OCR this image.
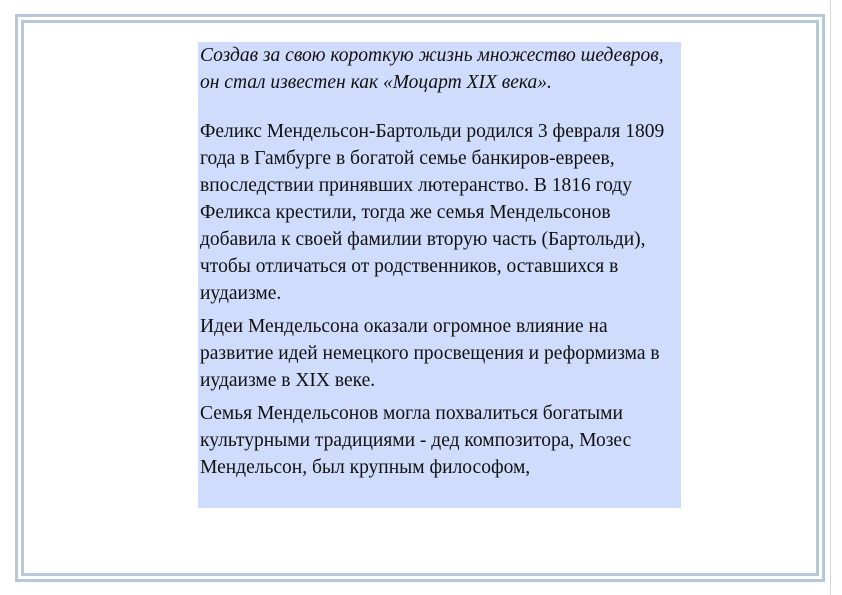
Создав за свою короткую жизнь множество шедевров, он стал известен как «Моцарт XIX века».

Феликс Мендельсон-Бартольди родился 3 февраля 1809 года в Гамбурге в богатой семье банкиров-евреев, впоследствии принявших лютеранство. В 1816 году Феликса крестили, тогда же семья Мендельсонов добавила к своей фамилии вторую часть (Бартольди), чтобы отличаться от родственников, оставшихся в иудаизме.

Идеи Мендельсона оказали огромное влияние на развитие идей немецкого просвещения и реформизма в иудаизме в XIX веке.

Семья Мендельсонов могла похвалиться богатыми культурными традициями - дед композитора, Мозес Мендельсон, был крупным философом,
